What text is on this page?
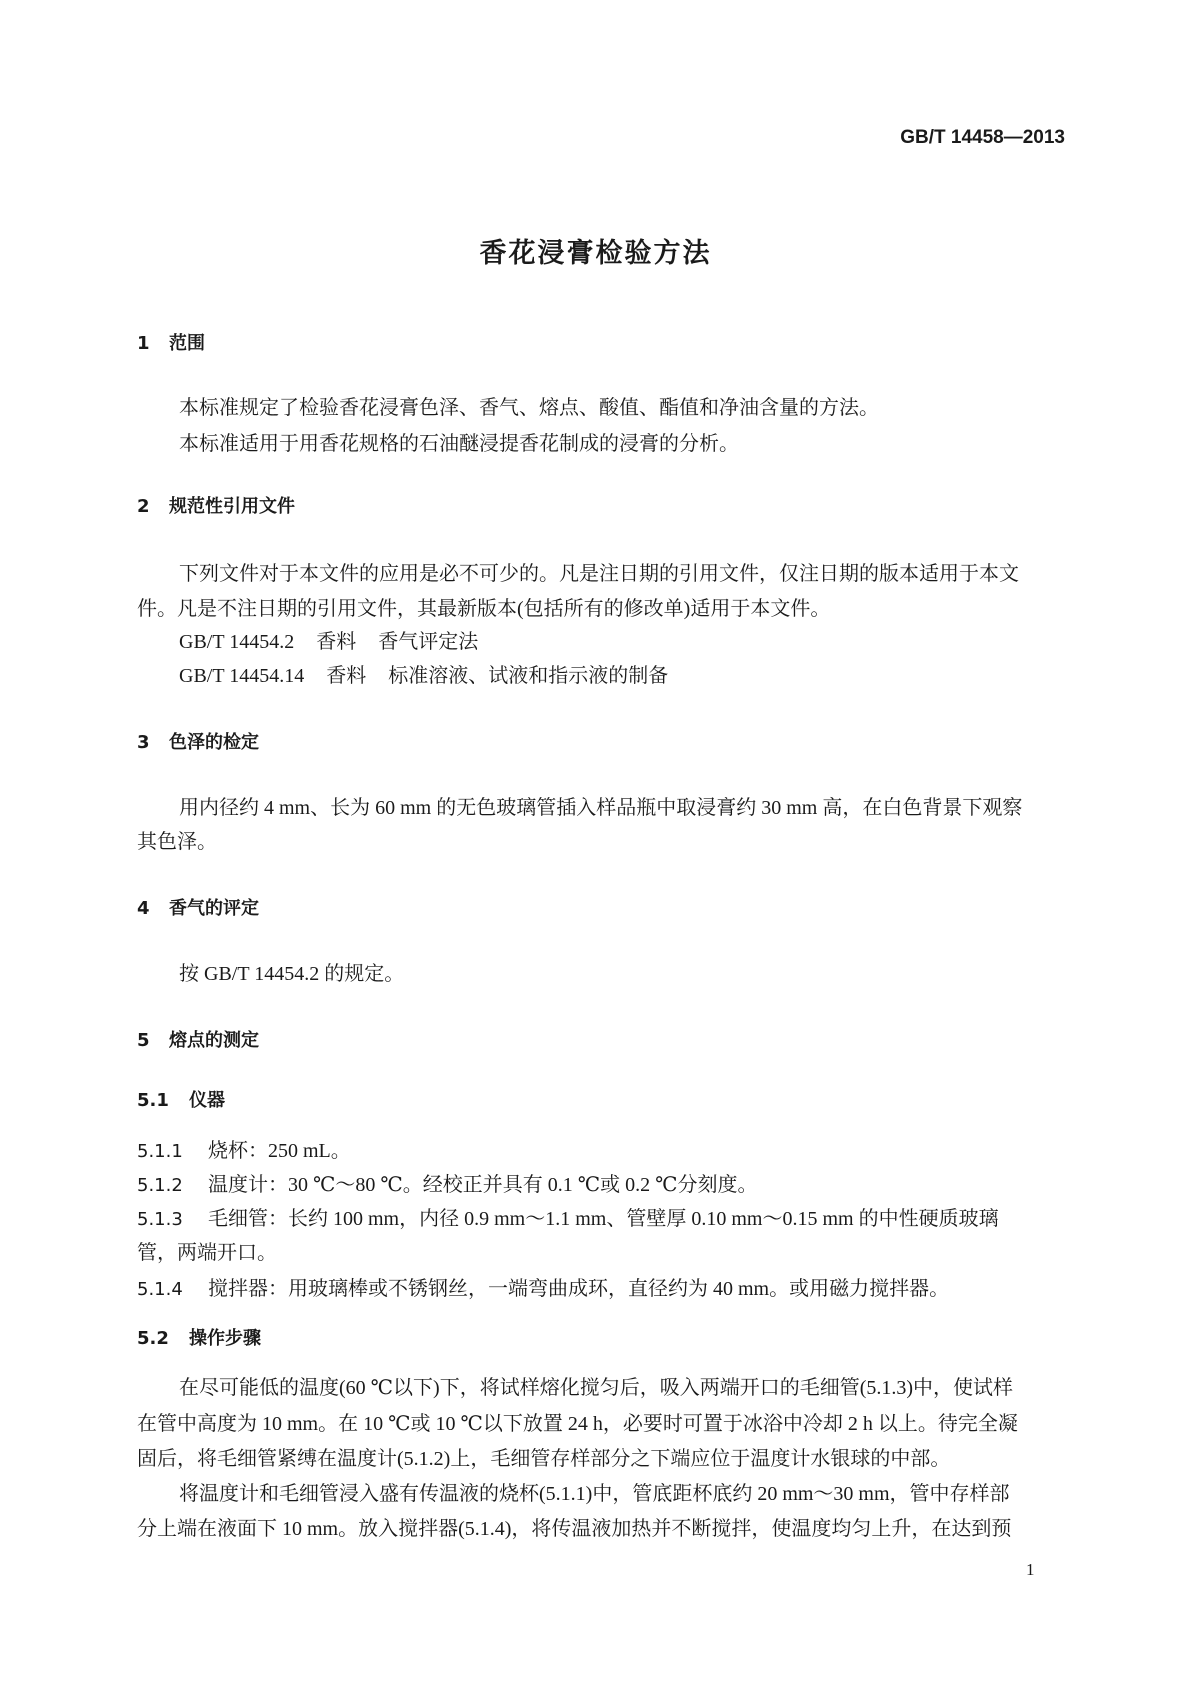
GB/T 14458—2013
香花浸膏检验方法
1 范围
本标准规定了检验香花浸膏色泽、香气、熔点、酸值、酯值和净油含量的方法。
本标准适用于用香花规格的石油醚浸提香花制成的浸膏的分析。
2 规范性引用文件
下列文件对于本文件的应用是必不可少的。凡是注日期的引用文件，仅注日期的版本适用于本文
件。凡是不注日期的引用文件，其最新版本(包括所有的修改单)适用于本文件。
GB/T 14454.2 香料 香气评定法
GB/T 14454.14 香料 标准溶液、试液和指示液的制备
3 色泽的检定
用内径约 4 mm、长为 60 mm 的无色玻璃管插入样品瓶中取浸膏约 30 mm 高，在白色背景下观察
其色泽。
4 香气的评定
按 GB/T 14454.2 的规定。
5 熔点的测定
5.1 仪器
5.1.1 烧杯：250 mL。
5.1.2 温度计：30 ℃～80 ℃。经校正并具有 0.1 ℃或 0.2 ℃分刻度。
5.1.3 毛细管：长约 100 mm，内径 0.9 mm～1.1 mm、管壁厚 0.10 mm～0.15 mm 的中性硬质玻璃
管，两端开口。
5.1.4 搅拌器：用玻璃棒或不锈钢丝，一端弯曲成环，直径约为 40 mm。或用磁力搅拌器。
5.2 操作步骤
在尽可能低的温度(60 ℃以下)下，将试样熔化搅匀后，吸入两端开口的毛细管(5.1.3)中，使试样
在管中高度为 10 mm。在 10 ℃或 10 ℃以下放置 24 h，必要时可置于冰浴中冷却 2 h 以上。待完全凝
固后，将毛细管紧缚在温度计(5.1.2)上，毛细管存样部分之下端应位于温度计水银球的中部。
将温度计和毛细管浸入盛有传温液的烧杯(5.1.1)中，管底距杯底约 20 mm～30 mm，管中存样部
分上端在液面下 10 mm。放入搅拌器(5.1.4)，将传温液加热并不断搅拌，使温度均匀上升，在达到预
1
